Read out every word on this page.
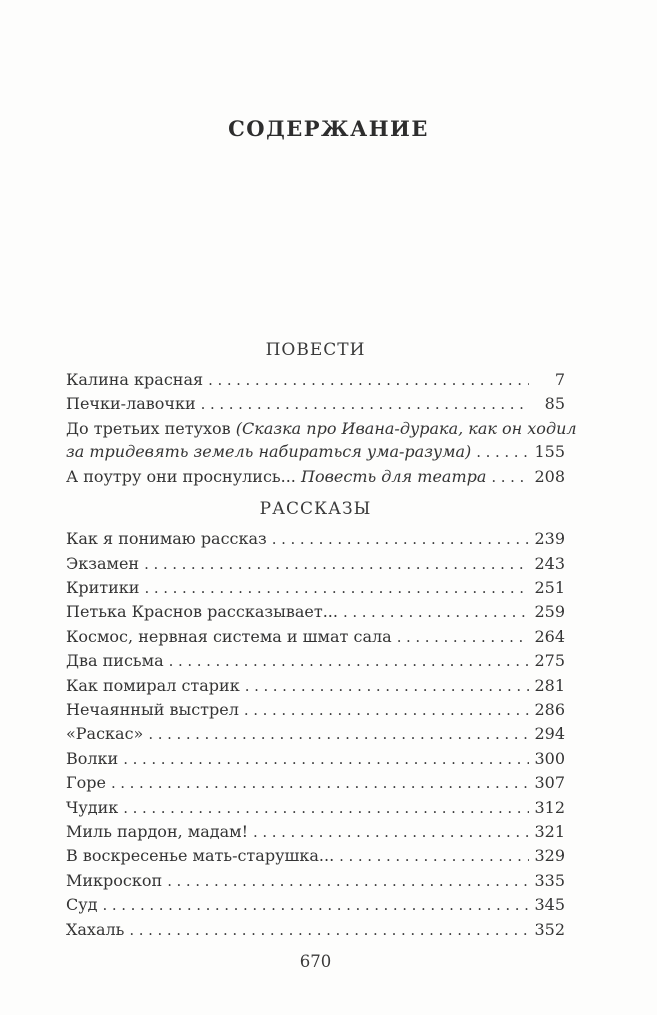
СОДЕРЖАНИЕ
ПОВЕСТИ
Калина красная .....	7
Печки-лавочки .....	85
До третьих петухов (Сказка про Ивана-дурака, как он ходил
за тридевять земель набираться ума-разума) .....	155
А поутру они проснулись... Повесть для театра .....	208
РАССКАЗЫ
Как я понимаю рассказ .....	239
Экзамен .....	243
Критики .....	251
Петька Краснов рассказывает... .....	259
Космос, нервная система и шмат сала .....	264
Два письма .....	275
Как помирал старик .....	281
Нечаянный выстрел .....	286
«Раскас» .....	294
Волки .....	300
Горе .....	307
Чудик .....	312
Миль пардон, мадам! .....	321
В воскресенье мать-старушка... .....	329
Микроскоп .....	335
Суд .....	345
Хахаль .....	352
670
